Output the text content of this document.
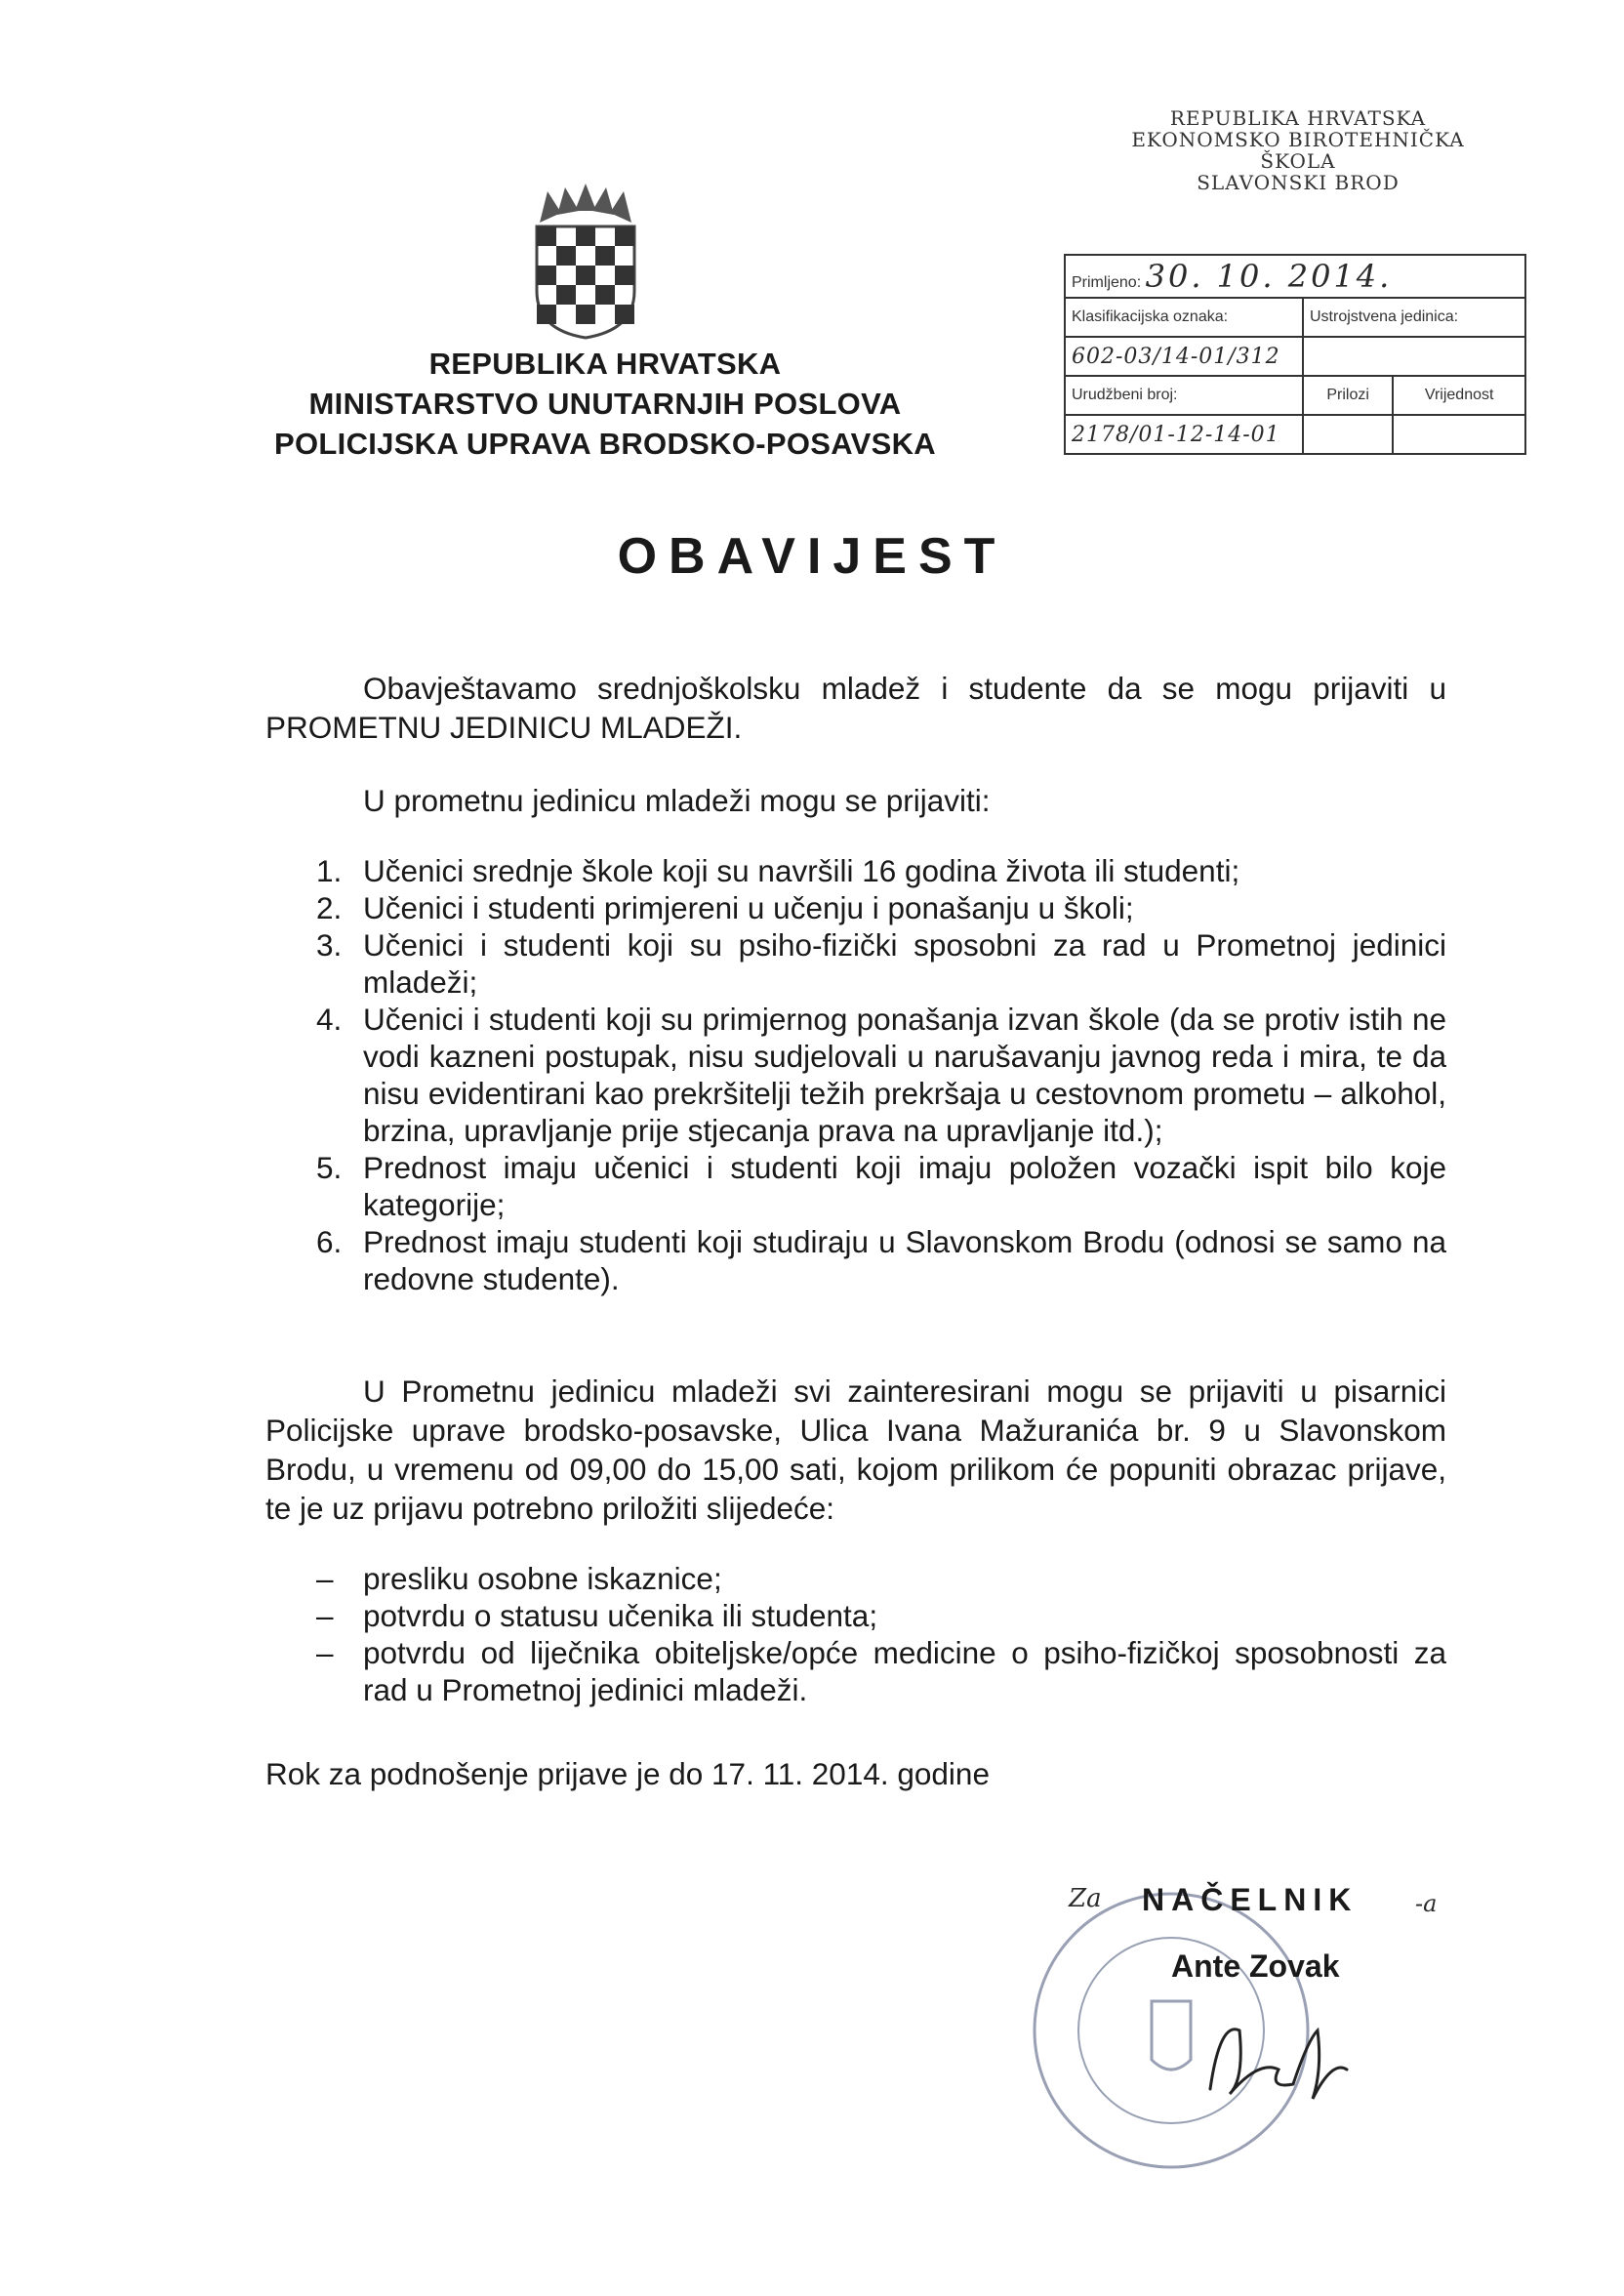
REPUBLIKA HRVATSKA
EKONOMSKO BIROTEHNIČKA
ŠKOLA
SLAVONSKI BROD
Primljeno: 30. 10. 2014.		
Klasifikacijska oznaka:	Ustrojstvena jedinica:	
602-03/14-01/312		
Urudžbeni broj:	Prilozi	Vrijednost
2178/01-12-14-01		
REPUBLIKA HRVATSKA
MINISTARSTVO UNUTARNJIH POSLOVA
POLICIJSKA UPRAVA BRODSKO-POSAVSKA
OBAVIJEST
Obavještavamo srednjoškolsku mladež i studente da se mogu prijaviti u PROMETNU JEDINICU MLADEŽI.
U prometnu jedinicu mladeži mogu se prijaviti:
1. Učenici srednje škole koji su navršili 16 godina života ili studenti;
2. Učenici i studenti primjereni u učenju i ponašanju u školi;
3. Učenici i studenti koji su psiho-fizički sposobni za rad u Prometnoj jedinici mladeži;
4. Učenici i studenti koji su primjernog ponašanja izvan škole (da se protiv istih ne vodi kazneni postupak, nisu sudjelovali u narušavanju javnog reda i mira, te da nisu evidentirani kao prekršitelji težih prekršaja u cestovnom prometu – alkohol, brzina, upravljanje prije stjecanja prava na upravljanje itd.);
5. Prednost imaju učenici i studenti koji imaju položen vozački ispit bilo koje kategorije;
6. Prednost imaju studenti koji studiraju u Slavonskom Brodu (odnosi se samo na redovne studente).
U Prometnu jedinicu mladeži svi zainteresirani mogu se prijaviti u pisarnici Policijske uprave brodsko-posavske, Ulica Ivana Mažuranića br. 9 u Slavonskom Brodu, u vremenu od 09,00 do 15,00 sati, kojom prilikom će popuniti obrazac prijave, te je uz prijavu potrebno priložiti slijedeće:
– presliku osobne iskaznice;
– potvrdu o statusu učenika ili studenta;
– potvrdu od liječnika obiteljske/opće medicine o psiho-fizičkoj sposobnosti za rad u Prometnoj jedinici mladeži.
Rok za podnošenje prijave je do 17. 11. 2014. godine
Za NAČELNIK -a
Ante Zovak
